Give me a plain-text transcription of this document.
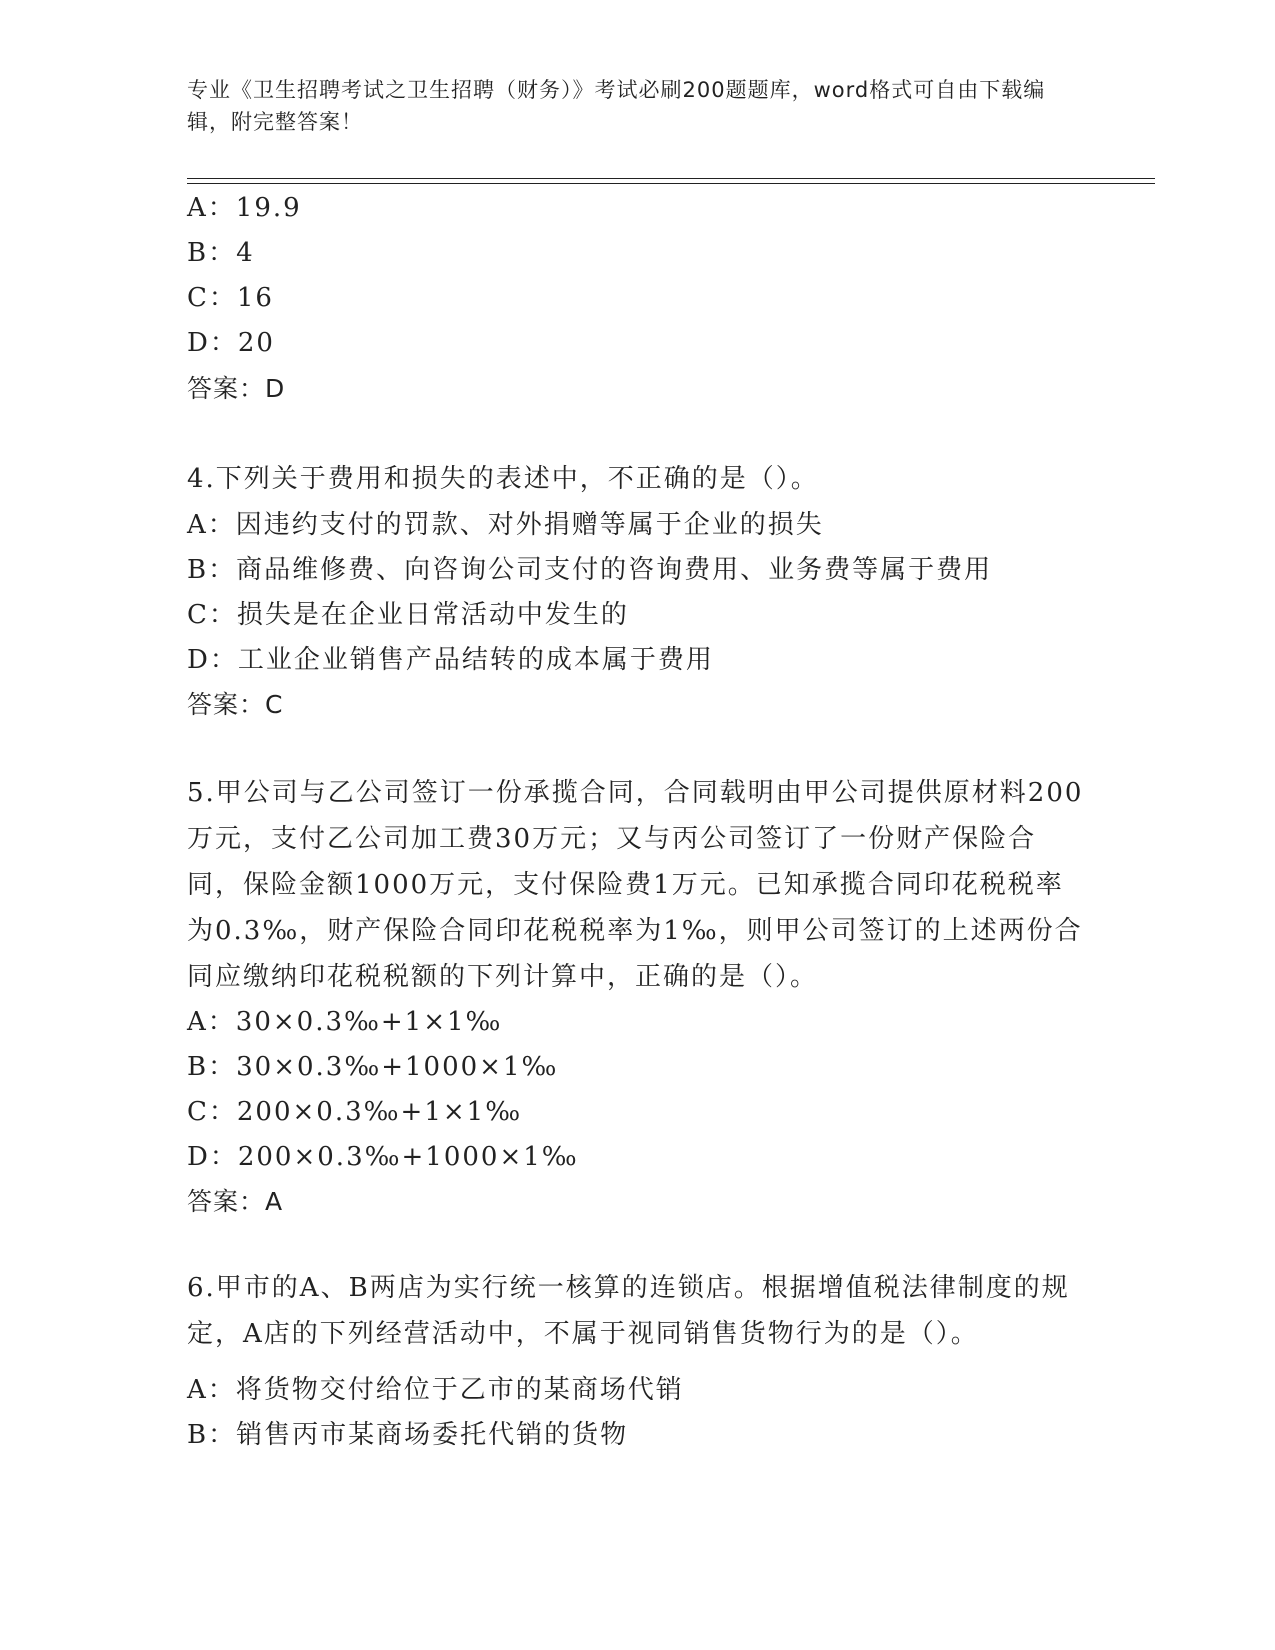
专业《卫生招聘考试之卫生招聘（财务）》考试必刷200题题库，word格式可自由下载编辑，附完整答案！
A：19.9
B：4
C：16
D：20
答案：D
4.下列关于费用和损失的表述中，不正确的是（）。
A：因违约支付的罚款、对外捐赠等属于企业的损失
B：商品维修费、向咨询公司支付的咨询费用、业务费等属于费用
C：损失是在企业日常活动中发生的
D：工业企业销售产品结转的成本属于费用
答案：C
5.甲公司与乙公司签订一份承揽合同，合同载明由甲公司提供原材料200万元，支付乙公司加工费30万元；又与丙公司签订了一份财产保险合同，保险金额1000万元，支付保险费1万元。已知承揽合同印花税税率为0.3‰，财产保险合同印花税税率为1‰，则甲公司签订的上述两份合同应缴纳印花税税额的下列计算中，正确的是（）。
A：30×0.3‰+1×1‰
B：30×0.3‰+1000×1‰
C：200×0.3‰+1×1‰
D：200×0.3‰+1000×1‰
答案：A
6.甲市的A、B两店为实行统一核算的连锁店。根据增值税法律制度的规定，A店的下列经营活动中，不属于视同销售货物行为的是（）。
A：将货物交付给位于乙市的某商场代销
B：销售丙市某商场委托代销的货物
